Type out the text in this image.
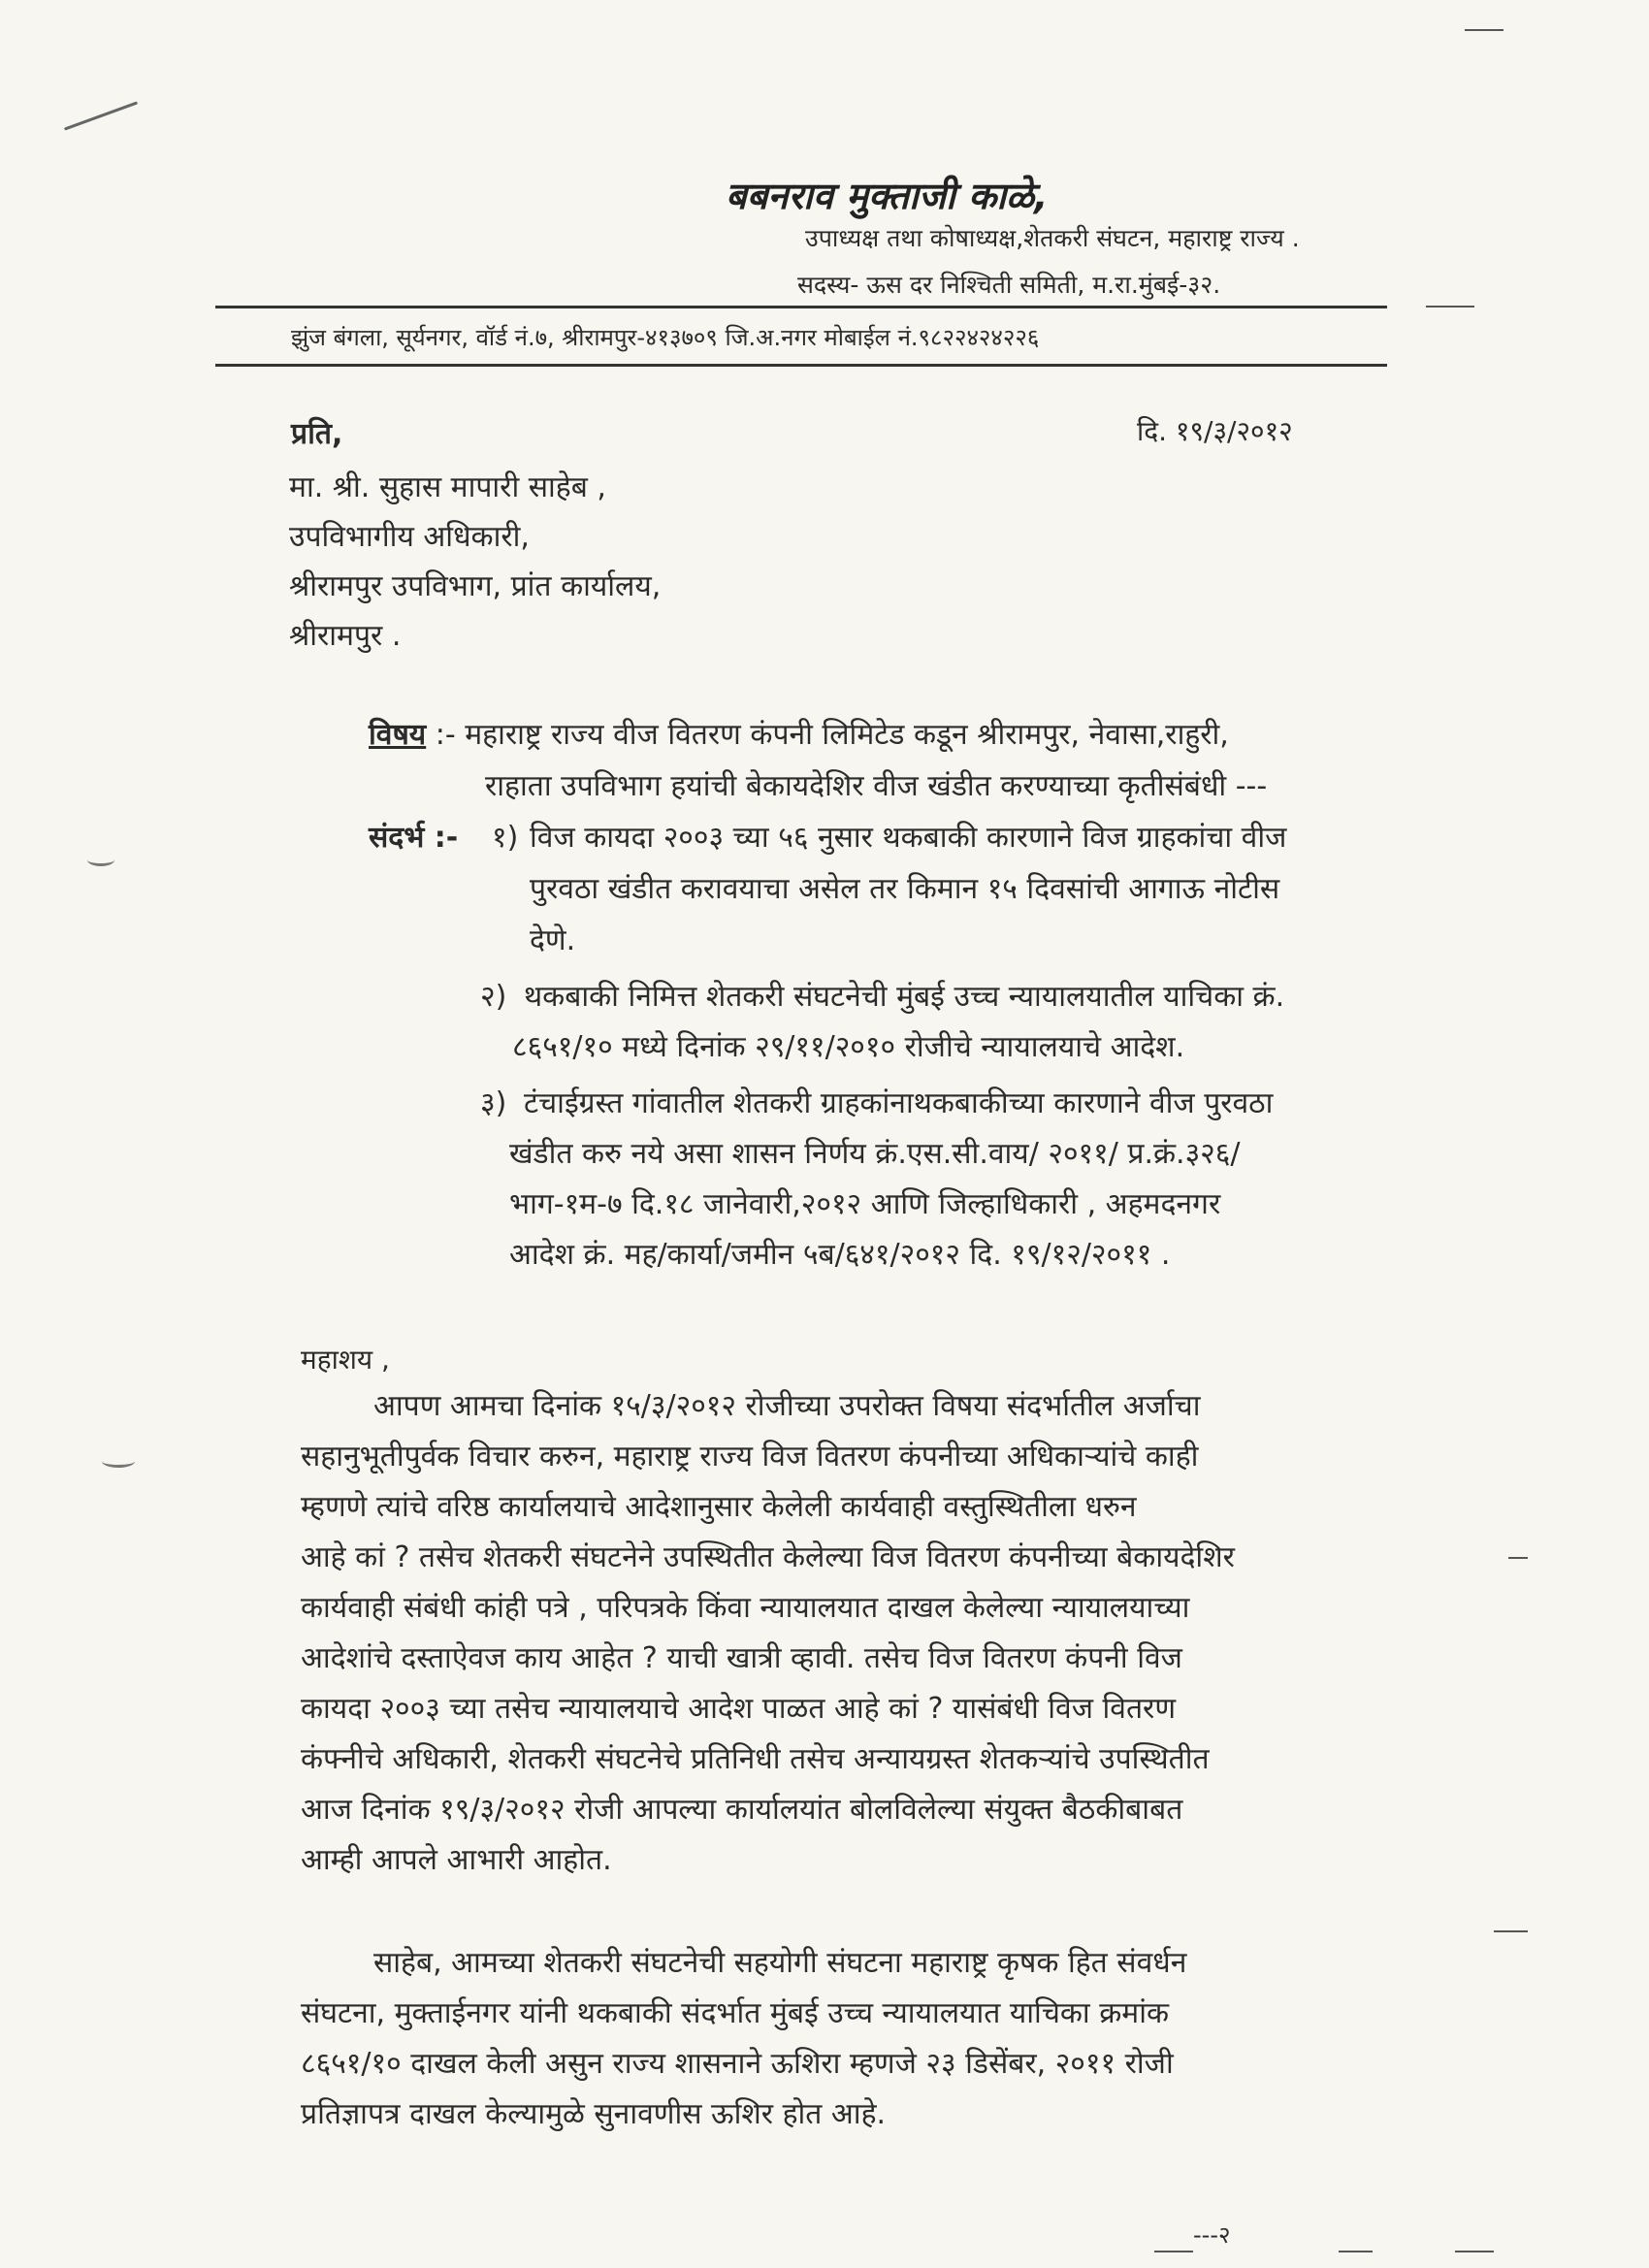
बबनराव मुक्ताजी काळे,
उपाध्यक्ष तथा कोषाध्यक्ष,शेतकरी संघटन, महाराष्ट्र राज्य .
सदस्य- ऊस दर निश्चिती समिती, म.रा.मुंबई-३२.
झुंज बंगला, सूर्यनगर, वॉर्ड नं.७, श्रीरामपुर-४१३७०९ जि.अ.नगर मोबाईल नं.९८२२४२४२२६
प्रति,	दि. १९/३/२०१२
मा. श्री. सुहास मापारी साहेब ,
उपविभागीय अधिकारी,
श्रीरामपुर उपविभाग, प्रांत कार्यालय,
श्रीरामपुर .
विषय :- महाराष्ट्र राज्य वीज वितरण कंपनी लिमिटेड कडून श्रीरामपुर, नेवासा,राहुरी,
राहाता उपविभाग हयांची बेकायदेशिर वीज खंडीत करण्याच्या कृतीसंबंधी ---
संदर्भ :- १) विज कायदा २००३ च्या ५६ नुसार थकबाकी कारणाने विज ग्राहकांचा वीज
पुरवठा खंडीत करावयाचा असेल तर किमान १५ दिवसांची आगाऊ नोटीस
देणे.
२) थकबाकी निमित्त शेतकरी संघटनेची मुंबई उच्च न्यायालयातील याचिका क्रं.
८६५१/१० मध्ये दिनांक २९/११/२०१० रोजीचे न्यायालयाचे आदेश.
३) टंचाईग्रस्त गांवातील शेतकरी ग्राहकांनाथकबाकीच्या कारणाने वीज पुरवठा
खंडीत करु नये असा शासन निर्णय क्रं.एस.सी.वाय/ २०११/ प्र.क्रं.३२६/
भाग-१म-७ दि.१८ जानेवारी,२०१२ आणि जिल्हाधिकारी , अहमदनगर
आदेश क्रं. मह/कार्या/जमीन ५ब/६४१/२०१२ दि. १९/१२/२०११ .
महाशय ,
आपण आमचा दिनांक १५/३/२०१२ रोजीच्या उपरोक्त विषया संदर्भातील अर्जाचा
सहानुभूतीपुर्वक विचार करुन, महाराष्ट्र राज्य विज वितरण कंपनीच्या अधिकाऱ्यांचे काही
म्हणणे त्यांचे वरिष्ठ कार्यालयाचे आदेशानुसार केलेली कार्यवाही वस्तुस्थितीला धरुन
आहे कां ? तसेच शेतकरी संघटनेने उपस्थितीत केलेल्या विज वितरण कंपनीच्या बेकायदेशिर
कार्यवाही संबंधी कांही पत्रे , परिपत्रके किंवा न्यायालयात दाखल केलेल्या न्यायालयाच्या
आदेशांचे दस्ताऐवज काय आहेत ? याची खात्री व्हावी. तसेच विज वितरण कंपनी विज
कायदा २००३ च्या तसेच न्यायालयाचे आदेश पाळत आहे कां ? यासंबंधी विज वितरण
कंफ्नीचे अधिकारी, शेतकरी संघटनेचे प्रतिनिधी तसेच अन्यायग्रस्त शेतकऱ्यांचे उपस्थितीत
आज दिनांक १९/३/२०१२ रोजी आपल्या कार्यालयांत बोलविलेल्या संयुक्त बैठकीबाबत
आम्ही आपले आभारी आहोत.
साहेब, आमच्या शेतकरी संघटनेची सहयोगी संघटना महाराष्ट्र कृषक हित संवर्धन
संघटना, मुक्ताईनगर यांनी थकबाकी संदर्भात मुंबई उच्च न्यायालयात याचिका क्रमांक
८६५१/१० दाखल केली असुन राज्य शासनाने ऊशिरा म्हणजे २३ डिसेंबर, २०११ रोजी
प्रतिज्ञापत्र दाखल केल्यामुळे सुनावणीस ऊशिर होत आहे.
---२
